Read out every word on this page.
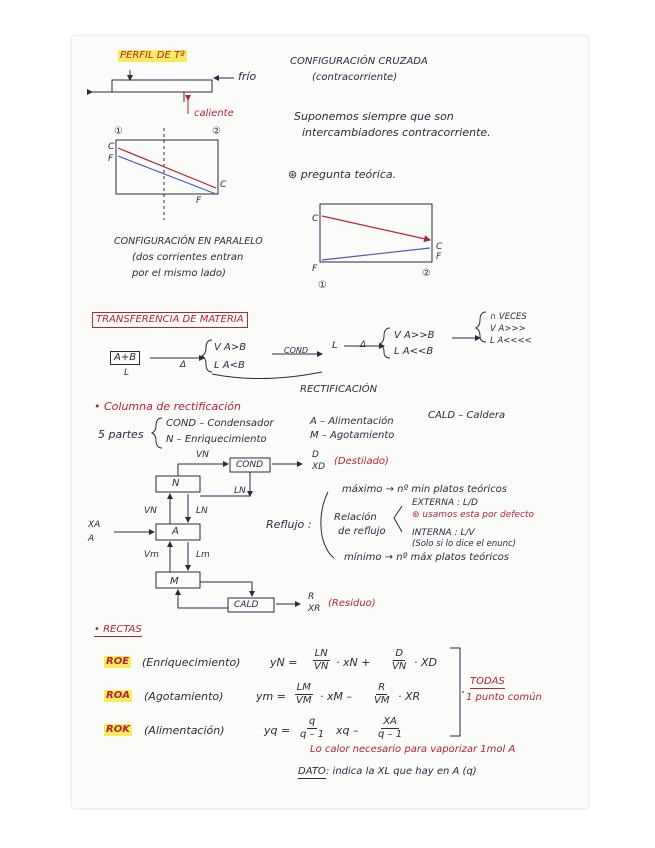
PERFIL DE Tª
frío
caliente
①	②
C
F
C
F
CONFIGURACIÓN CRUZADA
(contracorriente)
Suponemos siempre que son
intercambiadores contracorriente.
⊛ pregunta teórica.
CONFIGURACIÓN EN PARALELO
(dos corrientes entran
por el mismo lado)
C
C
F
F
①
②
TRANSFERENCIA DE MATERIA
A+B
L
Δ
V A>B
L A<B
COND L Δ
V A>>B
L A<<B
∩ VECES
V A>>>
L A<<<<
RECTIFICACIÓN
• Columna de rectificación
5 partes
COND – Condensador
N – Enriquecimiento
A – Alimentación
M – Agotamiento
CALD – Caldera
VN
COND
LN
N
VN	LN
A
XA
A
Vm	Lm
M
CALD
D
XD (Destilado)
R
XR (Residuo)
Reflujo :
máximo → nº min platos teóricos
Relación
de reflujo
EXTERNA : L/D
⊛ usamos esta por defecto
INTERNA : L/V
(Solo si lo dice el enunc)
mínimo → nº máx platos teóricos
• RECTAS
ROE (Enriquecimiento)	yN = $\frac{LN}{VN}$ · xN + $\frac{D}{VN}$ · XD
ROA (Agotamiento)	ym = $\frac{LM}{VM}$ · xM – $\frac{R}{VM}$ · XR
ROK (Alimentación)	yq = $\frac{q}{q - 1}$ xq – $\frac{XA}{q - 1}$
TODAS
1 punto común
Lo calor necesario para vaporizar 1mol A
DATO : indica la XL que hay en A (q)
